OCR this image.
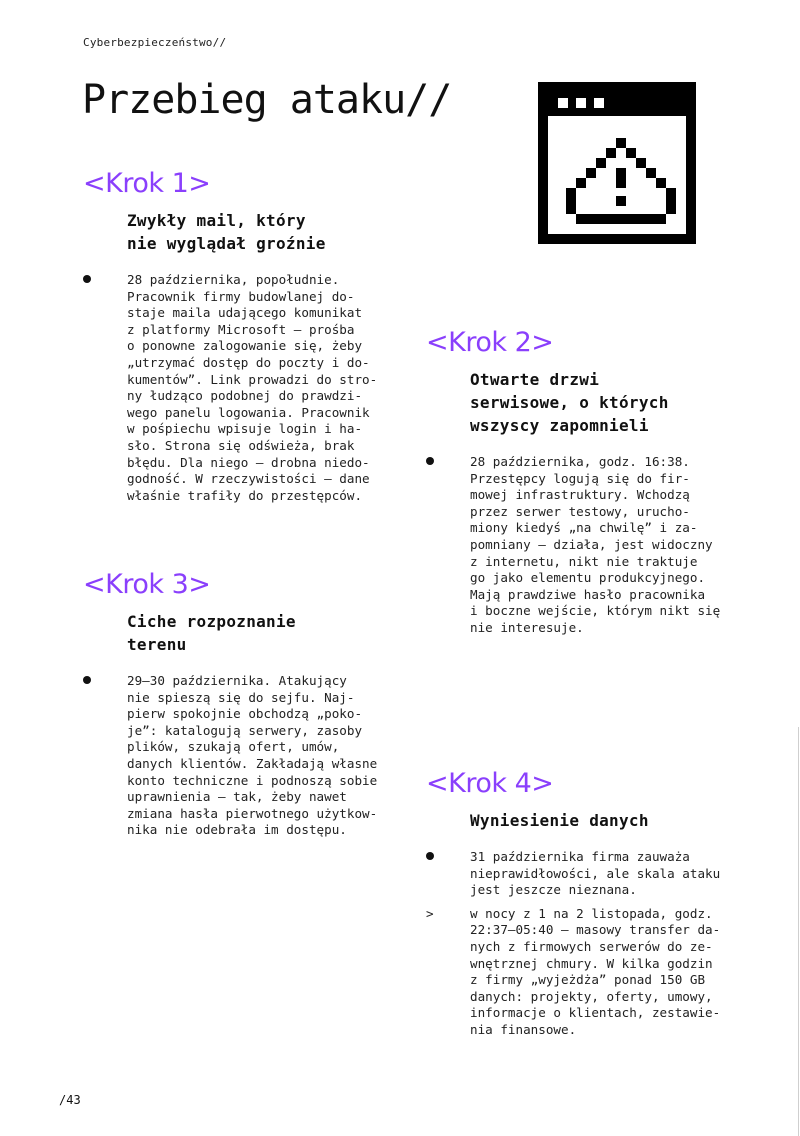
Cyberbezpieczeństwo//
Przebieg ataku//
<Krok 1>
Zwykły mail, który
nie wyglądał groźnie
28 października, popołudnie.
Pracownik firmy budowlanej do-
staje maila udającego komunikat
z platformy Microsoft – prośba
o ponowne zalogowanie się, żeby
„utrzymać dostęp do poczty i do-
kumentów”. Link prowadzi do stro-
ny łudząco podobnej do prawdzi-
wego panelu logowania. Pracownik
w pośpiechu wpisuje login i ha-
sło. Strona się odświeża, brak
błędu. Dla niego – drobna niedo-
godność. W rzeczywistości – dane
właśnie trafiły do przestępców.
<Krok 2>
Otwarte drzwi
serwisowe, o których
wszyscy zapomnieli
28 października, godz. 16:38.
Przestępcy logują się do fir-
mowej infrastruktury. Wchodzą
przez serwer testowy, urucho-
miony kiedyś „na chwilę” i za-
pomniany – działa, jest widoczny
z internetu, nikt nie traktuje
go jako elementu produkcyjnego.
Mają prawdziwe hasło pracownika
i boczne wejście, którym nikt się
nie interesuje.
<Krok 3>
Ciche rozpoznanie
terenu
29–30 października. Atakujący
nie spieszą się do sejfu. Naj-
pierw spokojnie obchodzą „poko-
je”: katalogują serwery, zasoby
plików, szukają ofert, umów,
danych klientów. Zakładają własne
konto techniczne i podnoszą sobie
uprawnienia – tak, żeby nawet
zmiana hasła pierwotnego użytkow-
nika nie odebrała im dostępu.
<Krok 4>
Wyniesienie danych
31 października firma zauważa
nieprawidłowości, ale skala ataku
jest jeszcze nieznana.
>	w nocy z 1 na 2 listopada, godz.
22:37–05:40 – masowy transfer da-
nych z firmowych serwerów do ze-
wnętrznej chmury. W kilka godzin
z firmy „wyjeżdża” ponad 150 GB
danych: projekty, oferty, umowy,
informacje o klientach, zestawie-
nia finansowe.
/43
